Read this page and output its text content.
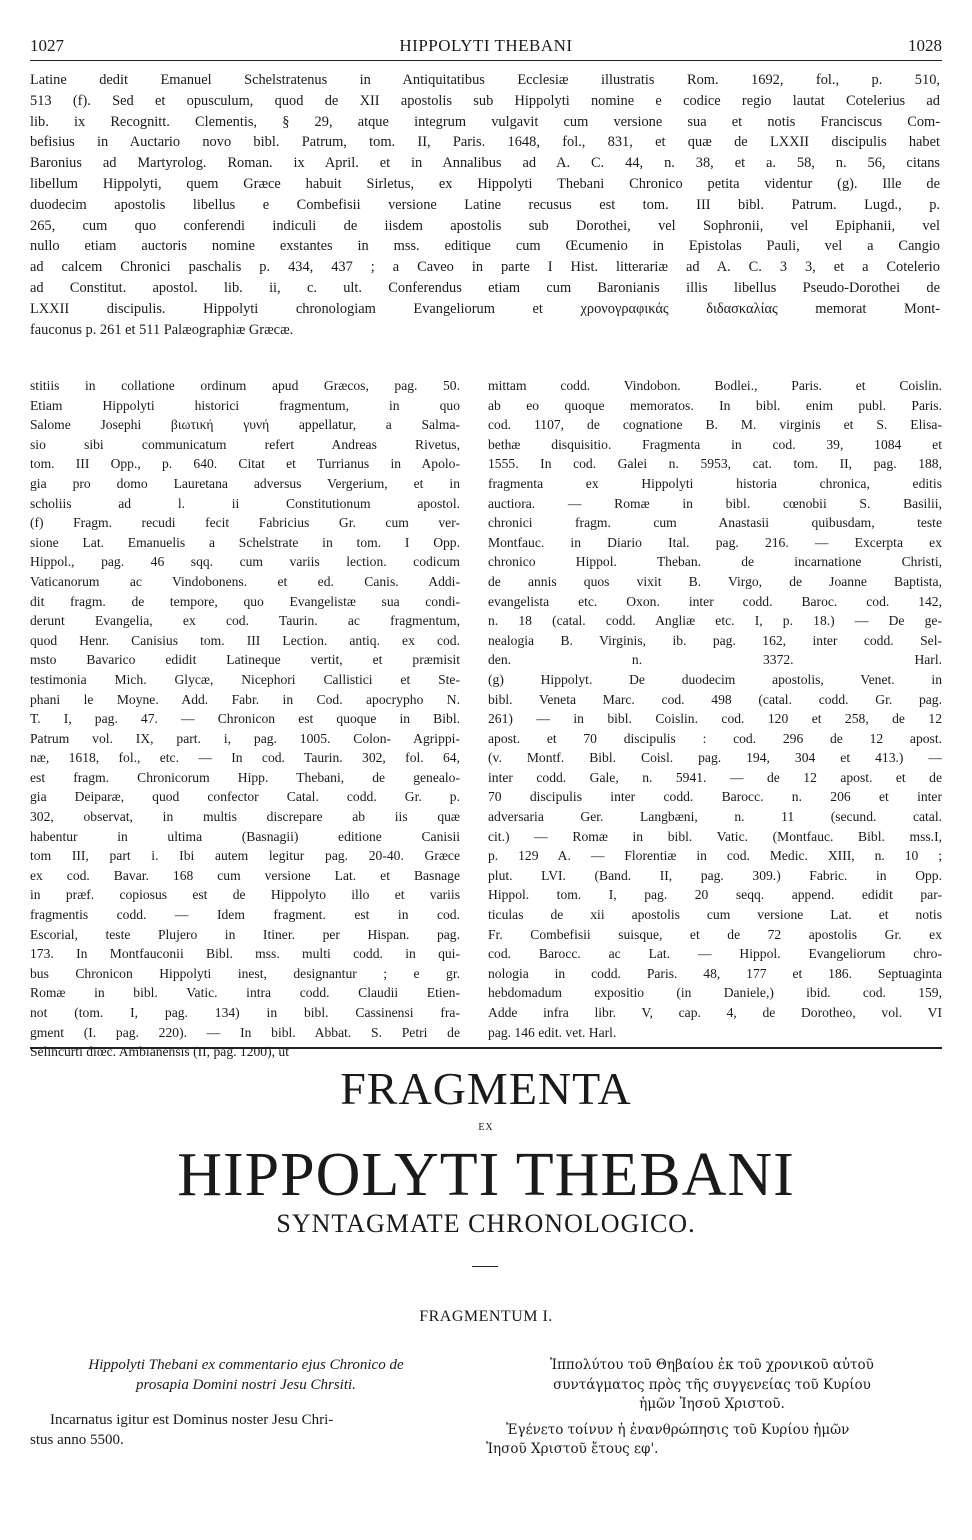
1027	HIPPOLYTI THEBANI	1028
Latine dedit Emanuel Schelstratenus in Antiquitatibus Ecclesiæ illustratis Rom. 1692, fol., p. 510,
513 (f). Sed et opusculum, quod de XII apostolis sub Hippolyti nomine e codice regio lautat Cotelerius ad
lib. ix Recognitt. Clementis, § 29, atque integrum vulgavit cum versione sua et notis Franciscus Com-
befisius in Auctario novo bibl. Patrum, tom. II, Paris. 1648, fol., 831, et quæ de LXXII discipulis habet
Baronius ad Martyrolog. Roman. ix April. et in Annalibus ad A. C. 44, n. 38, et a. 58, n. 56, citans
libellum Hippolyti, quem Græce habuit Sirletus, ex Hippolyti Thebani Chronico petita videntur (g). Ille de
duodecim apostolis libellus e Combefisii versione Latine recusus est tom. III bibl. Patrum. Lugd., p.
265, cum quo conferendi indiculi de iisdem apostolis sub Dorothei, vel Sophronii, vel Epiphanii, vel
nullo etiam auctoris nomine exstantes in mss. editique cum Œcumenio in Epistolas Pauli, vel a Cangio
ad calcem Chronici paschalis p. 434, 437 ; a Caveo in parte I Hist. litterariæ ad A. C. 3 3, et a Cotelerio
ad Constitut. apostol. lib. ii, c. ult. Conferendus etiam cum Baronianis illis libellus Pseudo-Dorothei de
LXXII discipulis. Hippolyti chronologiam Evangeliorum et χρονογραφικάς διδασκαλίας memorat Mont-
fauconus p. 261 et 511 Palæographiæ Græcæ.
stitiis in collatione ordinum apud Græcos, pag. 50.
Etiam Hippolyti historici fragmentum, in quo
Salome Josephi βιωτική γυνή appellatur, a Salma-
sio sibi communicatum refert Andreas Rivetus,
tom. III Opp., p. 640. Citat et Turrianus in Apolo-
gia pro domo Lauretana adversus Vergerium, et in
scholiis ad l. ii Constitutionum apostol.
(f) Fragm. recudi fecit Fabricius Gr. cum ver-
sione Lat. Emanuelis a Schelstrate in tom. I Opp.
Hippol., pag. 46 sqq. cum variis lection. codicum
Vaticanorum ac Vindobonens. et ed. Canis. Addi-
dit fragm. de tempore, quo Evangelistæ sua condi-
derunt Evangelia, ex cod. Taurin. ac fragmentum,
quod Henr. Canisius tom. III Lection. antiq. ex cod.
msto Bavarico edidit Latineque vertit, et præmisit
testimonia Mich. Glycæ, Nicephori Callistici et Ste-
phani le Moyne. Add. Fabr. in Cod. apocrypho N.
T. I, pag. 47. — Chronicon est quoque in Bibl.
Patrum vol. IX, part. i, pag. 1005. Colon- Agrippi-
næ, 1618, fol., etc. — In cod. Taurin. 302, fol. 64,
est fragm. Chronicorum Hipp. Thebani, de genealo-
gia Deiparæ, quod confector Catal. codd. Gr. p.
302, observat, in multis discrepare ab iis quæ
habentur in ultima (Basnagii) editione Canisii
tom III, part i. Ibi autem legitur pag. 20-40. Græce
ex cod. Bavar. 168 cum versione Lat. et Basnage
in præf. copiosus est de Hippolyto illo et variis
fragmentis codd. — Idem fragment. est in cod.
Escorial, teste Plujero in Itiner. per Hispan. pag.
173. In Montfauconii Bibl. mss. multi codd. in qui-
bus Chronicon Hippolyti inest, designantur ; e gr.
Romæ in bibl. Vatic. intra codd. Claudii Etien-
not (tom. I, pag. 134) in bibl. Cassinensi fra-
gment (I. pag. 220). — In bibl. Abbat. S. Petri de
Selincurti diœc. Ambianensis (II, pag. 1200), ut
mittam codd. Vindobon. Bodlei., Paris. et Coislin.
ab eo quoque memoratos. In bibl. enim publ. Paris.
cod. 1107, de cognatione B. M. virginis et S. Elisa-
bethæ disquisitio. Fragmenta in cod. 39, 1084 et
1555. In cod. Galei n. 5953, cat. tom. II, pag. 188,
fragmenta ex Hippolyti historia chronica, editis
auctiora. — Romæ in bibl. cœnobii S. Basilii,
chronici fragm. cum Anastasii quibusdam, teste
Montfauc. in Diario Ital. pag. 216. — Excerpta ex
chronico Hippol. Theban. de incarnatione Christi,
de annis quos vixit B. Virgo, de Joanne Baptista,
evangelista etc. Oxon. inter codd. Baroc. cod. 142,
n. 18 (catal. codd. Angliæ etc. I, p. 18.) — De ge-
nealogia B. Virginis, ib. pag. 162, inter codd. Sel-
den. n. 3372. Harl.
(g) Hippolyt. De duodecim apostolis, Venet. in
bibl. Veneta Marc. cod. 498 (catal. codd. Gr. pag.
261) — in bibl. Coislin. cod. 120 et 258, de 12
apost. et 70 discipulis : cod. 296 de 12 apost.
(v. Montf. Bibl. Coisl. pag. 194, 304 et 413.) —
inter codd. Gale, n. 5941. — de 12 apost. et de
70 discipulis inter codd. Barocc. n. 206 et inter
adversaria Ger. Langbæni, n. 11 (secund. catal.
cit.) — Romæ in bibl. Vatic. (Montfauc. Bibl. mss.I,
p. 129 A. — Florentiæ in cod. Medic. XIII, n. 10 ;
plut. LVI. (Band. II, pag. 309.) Fabric. in Opp.
Hippol. tom. I, pag. 20 seqq. append. edidit par-
ticulas de xii apostolis cum versione Lat. et notis
Fr. Combefisii suisque, et de 72 apostolis Gr. ex
cod. Barocc. ac Lat. — Hippol. Evangeliorum chro-
nologia in codd. Paris. 48, 177 et 186. Septuaginta
hebdomadum expositio (in Daniele,) ibid. cod. 159,
Adde infra libr. V, cap. 4, de Dorotheo, vol. VI
pag. 146 edit. vet. Harl.
FRAGMENTA
EX
HIPPOLYTI THEBANI
SYNTAGMATE CHRONOLOGICO.
FRAGMENTUM I.
Hippolyti Thebani ex commentario ejus Chronico de
prosapia Domini nostri Jesu Chrsiti.
Incarnatus igitur est Dominus noster Jesu Chri-
stus anno 5500.
Ἱππολύτου τοῦ Θηβαίου ἐκ τοῦ χρονικοῦ αὐτοῦ
συντάγματος πρὸς τῆς συγγενείας τοῦ Κυρίου
ἡμῶν Ἰησοῦ Χριστοῦ.
Ἐγένετο τοίνυν ἡ ἐνανθρώπησις τοῦ Κυρίου ἡμῶν
Ἰησοῦ Χριστοῦ ἔτους εφ'.
